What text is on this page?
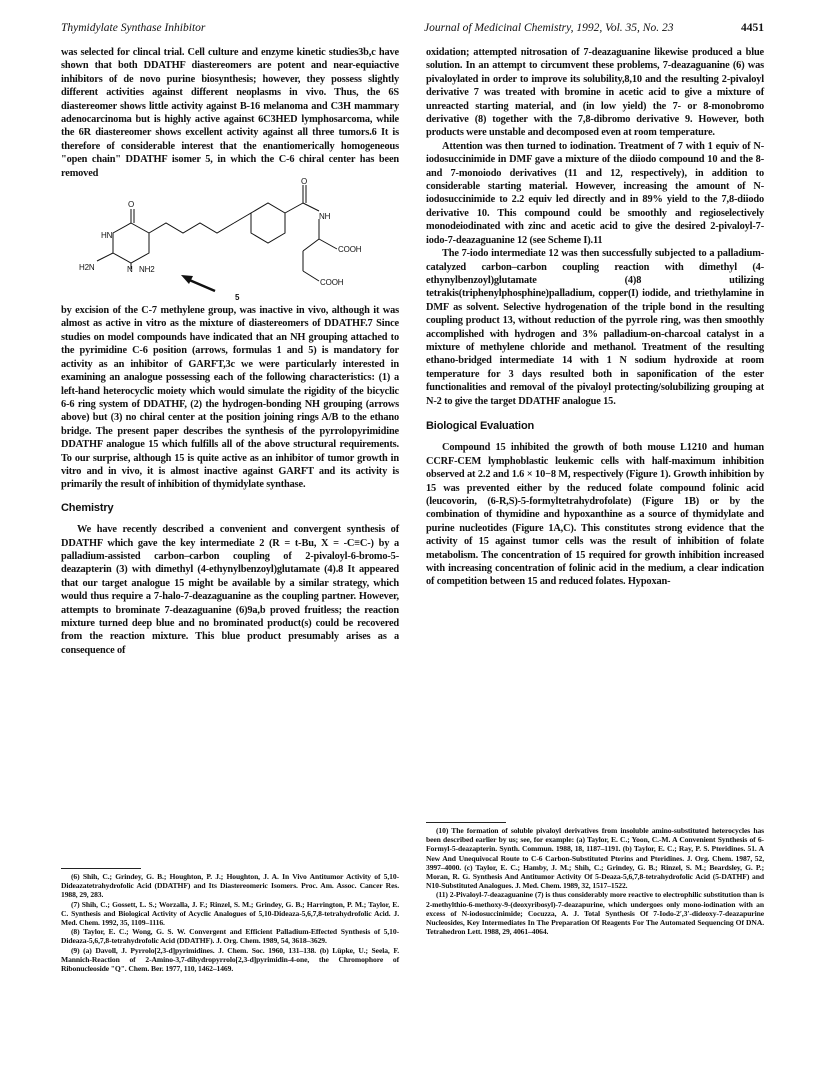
Thymidylate Synthase Inhibitor	Journal of Medicinal Chemistry, 1992, Vol. 35, No. 23	4451

was selected for clincal trial. Cell culture and enzyme kinetic studies3b,c have shown that both DDATHF diastereomers are potent and near-equiactive inhibitors of de novo purine biosynthesis; however, they possess slightly different activities against different neoplasms in vivo. Thus, the 6S diastereomer shows little activity against B-16 melanoma and C3H mammary adenocarcinoma but is highly active against 6C3HED lymphosarcoma, while the 6R diastereomer shows excellent activity against all three tumors.6 It is therefore of considerable interest that the enantiomerically homogeneous "open chain" DDATHF isomer 5, in which the C-6 chiral center has been removed

O
HN
N
H2N	NH2
O
NH
COOH
COOH
5

by excision of the C-7 methylene group, was inactive in vivo, although it was almost as active in vitro as the mixture of diastereomers of DDATHF.7 Since studies on model compounds have indicated that an NH grouping attached to the pyrimidine C-6 position (arrows, formulas 1 and 5) is mandatory for activity as an inhibitor of GARFT,3c we were particularly interested in examining an analogue possessing each of the following characteristics: (1) a left-hand heterocyclic moiety which would simulate the rigidity of the bicyclic 6-6 ring system of DDATHF, (2) the hydrogen-bonding NH grouping (arrows above) but (3) no chiral center at the position joining rings A/B to the ethano bridge. The present paper describes the synthesis of the pyrrolopyrimidine DDATHF analogue 15 which fulfills all of the above structural requirements. To our surprise, although 15 is quite active as an inhibitor of tumor growth in vitro and in vivo, it is almost inactive against GARFT and its activity is primarily the result of inhibition of thymidylate synthase.

Chemistry

We have recently described a convenient and convergent synthesis of DDATHF which gave the key intermediate 2 (R = t-Bu, X = -C≡C-) by a palladium-assisted carbon–carbon coupling of 2-pivaloyl-6-bromo-5-deazapterin (3) with dimethyl (4-ethynylbenzoyl)glutamate (4).8 It appeared that our target analogue 15 might be available by a similar strategy, which would thus require a 7-halo-7-deazaguanine as the coupling partner. However, attempts to brominate 7-deazaguanine (6)9a,b proved fruitless; the reaction mixture turned deep blue and no brominated product(s) could be recovered from the reaction mixture. This blue product presumably arises as a consequence of

oxidation; attempted nitrosation of 7-deazaguanine likewise produced a blue solution. In an attempt to circumvent these problems, 7-deazaguanine (6) was pivaloylated in order to improve its solubility,8,10 and the resulting 2-pivaloyl derivative 7 was treated with bromine in acetic acid to give a mixture of unreacted starting material, and (in low yield) the 7- or 8-monobromo derivative (8) together with the 7,8-dibromo derivative 9. However, both products were unstable and decomposed even at room temperature.

Attention was then turned to iodination. Treatment of 7 with 1 equiv of N-iodosuccinimide in DMF gave a mixture of the diiodo compound 10 and the 8- and 7-monoiodo derivatives (11 and 12, respectively), in addition to considerable starting material. However, increasing the amount of N-iodosuccinimide to 2.2 equiv led directly and in 89% yield to the 7,8-diiodo derivative 10. This compound could be smoothly and regioselectively monodeiodinated with zinc and acetic acid to give the desired 2-pivaloyl-7-iodo-7-deazaguanine 12 (see Scheme I).11

The 7-iodo intermediate 12 was then successfully subjected to a palladium-catalyzed carbon–carbon coupling reaction with dimethyl (4-ethynylbenzoyl)glutamate (4)8 utilizing tetrakis(triphenylphosphine)palladium, copper(I) iodide, and triethylamine in DMF as solvent. Selective hydrogenation of the triple bond in the resulting coupling product 13, without reduction of the pyrrole ring, was then smoothly accomplished with hydrogen and 3% palladium-on-charcoal catalyst in a mixture of methylene chloride and methanol. Treatment of the resulting ethano-bridged intermediate 14 with 1 N sodium hydroxide at room temperature for 3 days resulted both in saponification of the ester functionalities and removal of the pivaloyl protecting/solubilizing grouping at N-2 to give the target DDATHF analogue 15.

Biological Evaluation

Compound 15 inhibited the growth of both mouse L1210 and human CCRF-CEM lymphoblastic leukemic cells with half-maximum inhibition observed at 2.2 and 1.6 × 10−8 M, respectively (Figure 1). Growth inhibition by 15 was prevented either by the reduced folate compound folinic acid (leucovorin, (6-R,S)-5-formyltetrahydrofolate) (Figure 1B) or by the combination of thymidine and hypoxanthine as a source of thymidylate and purine nucleotides (Figure 1A,C). This constitutes strong evidence that the activity of 15 against tumor cells was the result of inhibition of folate metabolism. The concentration of 15 required for growth inhibition increased with increasing concentration of folinic acid in the medium, a clear indication of competition between 15 and reduced folates. Hypoxan-

(6) Shih, C.; Grindey, G. B.; Houghton, P. J.; Houghton, J. A. In Vivo Antitumor Activity of 5,10-Dideazatetrahydrofolic Acid (DDATHF) and Its Diastereomeric Isomers. Proc. Am. Assoc. Cancer Res. 1988, 29, 283.

(7) Shih, C.; Gossett, L. S.; Worzalla, J. F.; Rinzel, S. M.; Grindey, G. B.; Harrington, P. M.; Taylor, E. C. Synthesis and Biological Activity of Acyclic Analogues of 5,10-Dideaza-5,6,7,8-tetrahydrofolic Acid. J. Med. Chem. 1992, 35, 1109–1116.

(8) Taylor, E. C.; Wong, G. S. W. Convergent and Efficient Palladium-Effected Synthesis of 5,10-Dideaza-5,6,7,8-tetrahydrofolic Acid (DDATHF). J. Org. Chem. 1989, 54, 3618–3629.

(9) (a) Davoll, J. Pyrrolo[2,3-d]pyrimidines. J. Chem. Soc. 1960, 131–138. (b) Lüpke, U.; Seela, F. Mannich-Reaction of 2-Amino-3,7-dihydropyrrolo[2,3-d]pyrimidin-4-one, the Chromophore of Ribonucleoside "Q". Chem. Ber. 1977, 110, 1462–1469.

(10) The formation of soluble pivaloyl derivatives from insoluble amino-substituted heterocycles has been described earlier by us; see, for example: (a) Taylor, E. C.; Yoon, C.-M. A Convenient Synthesis of 6-Formyl-5-deazapterin. Synth. Commun. 1988, 18, 1187–1191. (b) Taylor, E. C.; Ray, P. S. Pteridines. 51. A New And Unequivocal Route to C-6 Carbon-Substituted Pterins and Pteridines. J. Org. Chem. 1987, 52, 3997–4000. (c) Taylor, E. C.; Hamby, J. M.; Shih, C.; Grindey, G. B.; Rinzel, S. M.; Beardsley, G. P.; Moran, R. G. Synthesis And Antitumor Activity Of 5-Deaza-5,6,7,8-tetrahydrofolic Acid (5-DATHF) and N10-Substituted Analogues. J. Med. Chem. 1989, 32, 1517–1522.

(11) 2-Pivaloyl-7-deazaguanine (7) is thus considerably more reactive to electrophilic substitution than is 2-methylthio-6-methoxy-9-(deoxyribosyl)-7-deazapurine, which undergoes only mono-iodination with an excess of N-iodosuccinimide; Cocuzza, A. J. Total Synthesis Of 7-Iodo-2′,3′-dideoxy-7-deazapurine Nucleosides, Key Intermediates In The Preparation Of Reagents For The Automated Sequencing Of DNA. Tetrahedron Lett. 1988, 29, 4061–4064.
